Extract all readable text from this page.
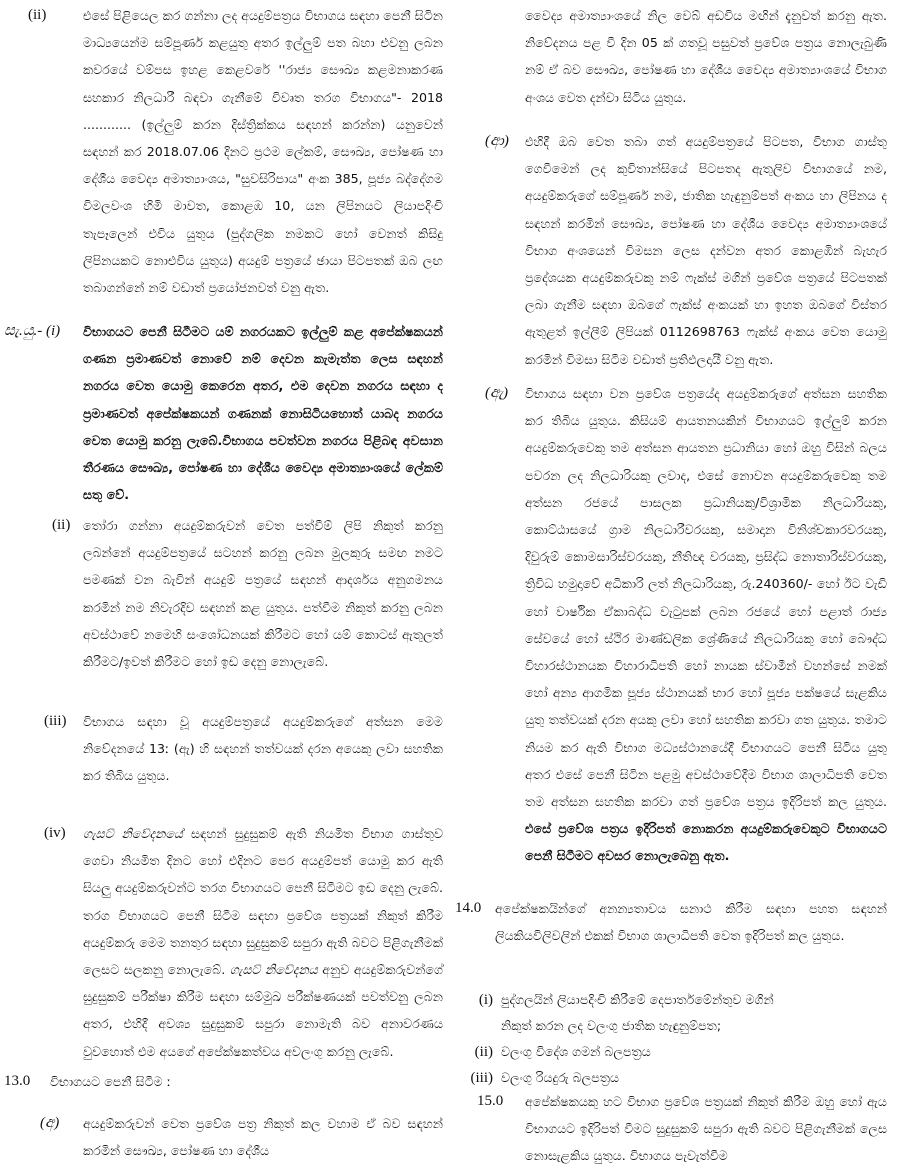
(ii)	එසේ පිළියෙල කර ගන්නා ලද අයදුම්පත්‍රය විභාගය සඳහා පෙනී සිටින මාධ්‍යයෙන්ම සම්පූර්ණ කළයුතු අතර ඉල්ලුම් පත බහා එවනු ලබන කවරයේ වම්පස ඉහළ කෙළවරේ ''රාජ්‍ය සෞඛ්‍ය කළමනාකරණ සහකාර නිලධාරී බඳවා ගැනීමේ විවෘත තරග විභාගය"- 2018 ............ (ඉල්ලුම් කරන දිස්ත්‍රික්කය සඳහන් කරන්න) යනුවෙන් සඳහන් කර 2018.07.06 දිනට ප්‍රථම ලේකම්, සෞඛ්‍ය, පෝෂණ හා දේශීය වෛද්‍ය අමාත්‍යාංශය, "සුවසිරිපාය" අංක 385, පූජ්‍ය බද්දේගම විමලවංශ හිමි මාවත, කොළඹ 10, යන ලිපිනයට ලියාපදිංචි තැපෑලෙන් එවිය යුතුය (පුද්ගලික නමකට හෝ වෙනත් කිසිදු ලිපිනයකට නොඑවිය යුතුය) අයදුම් පත්‍රයේ ඡායා පිටපතක් ඔබ ලඟ තබාගන්නේ නම් වඩාත් ප්‍රයෝජනවත් වනු ඇත.
සැ.යු.- (i) විභාගයට පෙනී සිටීමට යම් නගරයකට ඉල්ලුම් කළ අපේක්ෂකයන් ගණන ප්‍රමාණවත් නොවේ නම් දෙවන කැමැත්ත ලෙස සඳහන් නගරය වෙත යොමු කෙරෙන අතර, එම දෙවන නගරය සඳහා ද ප්‍රමාණවත් අපේක්ෂකයන් ගණනක් නොසිටියහොත් යාබද නගරය වෙත යොමු කරනු ලැබේ.විභාගය පවත්වන නගරය පිළිබඳ අවසාන තීරණය සෞඛ්‍ය, පෝෂණ හා දේශීය වෛද්‍ය අමාත්‍යාංශයේ ලේකම් සතු වේ.
(ii) තෝරා ගන්නා අයදුම්කරුවන් වෙත පත්වීම් ලිපි නිකුත් කරනු ලබන්නේ අයදුම්පත්‍රයේ සටහන් කරනු ලබන මුලකුරු සමඟ නමට පමණක් වන බැවින් අයදුම් පත්‍රයේ සඳහන් ආදර්ශය අනුගමනය කරමින් නම නිවැරදිව සඳහන් කළ යුතුය. පත්වීම නිකුත් කරනු ලබන අවස්ථාවේ නමෙහි සංශෝධනයක් කිරීමට හෝ යම් කොටස් ඇතුලත් කිරීමට/ඉවත් කිරීමට හෝ ඉඩ දෙනු නොලැබේ.
(iii) විභාගය සඳහා වූ අයදුම්පත්‍රයේ අයදුම්කරුගේ අත්සන මෙම නිවේදනයේ 13ː (ඇ) හි සඳහන් තත්වයක් දරන අයෙකු ලවා සහතික කර තිබිය යුතුය.
(iv) ගැසට් නිවේදනයේ සඳහන් සුදුසුකම් ඇති නියමිත විභාග ගාස්තුව ගෙවා නියමිත දිනට හෝ එදිනට පෙර අයදුම්පත් යොමු කර ඇති සියලු අයදුම්කරුවන්ට තරග විභාගයට පෙනී සිටීමට ඉඩ දෙනු ලැබේ. තරග විභාගයට පෙනී සිටීම සඳහා ප්‍රවේශ පත්‍රයක් නිකුත් කිරීම අයදුම්කරු මෙම තනතුර සඳහා සුදුසුකම් සපුරා ඇති බවට පිළිගැනීමක් ලෙසට සලකනු නොලැබේ. ගැසට් නිවේදනය අනුව අයදුම්කරුවන්ගේ සුදුසුකම් පරීක්ෂා කිරීම සඳහා සම්මුඛ පරීක්ෂණයක් පවත්වනු ලබන අතර, එහිදී අවශ්‍ය සුදුසුකම් සපුරා නොමැති බව අනාවරණය වුවහොත් එම අයගේ අපේක්ෂකත්වය අවලංගු කරනු ලැබේ.
13.0 විභාගයට පෙනී සිටීම ː
(අ) අයදුම්කරුවන් වෙත ප්‍රවේශ පත්‍ර නිකුත් කල වහාම ඒ බව සඳහන් කරමින් සෞඛ්‍ය, පෝෂණ හා දේශීය
වෛද්‍ය අමාත්‍යාංශයේ නිල වෙබ් අඩවිය මඟින් දැනුවත් කරනු ඇත. නිවේදනය පළ වී දින 05 ක් ගතවූ පසුවත් ප්‍රවේශ පත්‍රය නොලැබුණි නම් ඒ බව සෞඛ්‍ය, පෝෂණ හා දේශීය වෛද්‍ය අමාත්‍යාංශයේ විභාග අංශය වෙත දන්වා සිටිය යුතුය.
(ආ) එහිදී ඔබ වෙත තබා ගත් අයදුම්පත්‍රයේ පිටපත, විභාග ගාස්තු ගෙවීමෙන් ලද කුවිතාන්සියේ පිටපතද ඇතුලිව විභාගයේ නම, අයදුම්කරුගේ සම්පූර්ණ නම, ජාතික හැඳුනුම්පත් අංකය හා ලිපිනය ද සඳහන් කරමින් සෞඛ්‍ය, පෝෂණ හා දේශීය වෛද්‍ය අමාත්‍යාංශයේ විභාග අංශයෙන් විමසන ලෙස දන්වන අතර කොළඹින් බැහැර ප්‍රදේශයක අයදුම්කරුවකු නම් ෆැක්ස් මගින් ප්‍රවේශ පත්‍රයේ පිටපතක් ලබා ගැනීම සඳහා ඔබගේ ෆැක්ස් අංකයක් හා ඉහත ඔබගේ විස්තර ඇතුළත් ඉල්ලීම් ලිපියක් 0112698763 ෆැක්ස් අංකය වෙත යොමු කරමින් විමසා සිටීම වඩාත් ප්‍රතිඵලදායී වනු ඇත.
(ඇ) විභාගය සඳහා වන ප්‍රවේශ පත්‍රයේද අයදුම්කරුගේ අත්සන සහතික කර තිබිය යුතුය. කිසියම් ආයතනයකින් විභාගයට ඉල්ලුම් කරන අයදුම්කරුවෙකු තම අත්සන ආයතන ප්‍රධානියා හෝ ඔහු විසින් බලය පවරන ලද නිලධාරියකු ලවාද, එසේ නොවන අයදුම්කරුවෙකු තම අත්සන රජයේ පාසලක ප්‍රධානියකු/විශ්‍රාමික නිලධාරියකු, කොට්ඨාසයේ ග්‍රාම නිලධාරීවරයකු, සමාදාන විනිශ්චකාරවරයකු, දිවුරුම් කොමසාරිස්වරයකු, නීතිඥ වරයකු, ප්‍රසිද්ධ නොතාරිස්වරයකු, ත්‍රිවිධ හමුදාවේ අධිකාරි ලත් නිලධාරියකු, රු.240360/- හෝ ඊට වැඩි හෝ වාර්ෂික ඒකාබද්ධ වැටුපක් ලබන රජයේ හෝ පළාත් රාජ්‍ය සේවයේ හෝ ස්ථිර මාණ්ඩලික ශ්‍රේණියේ නිලධාරියකු හෝ බෞද්ධ විහාරස්ථානයක විහාරාධිපති හෝ නායක ස්වාමීන් වහන්සේ නමක් හෝ අන්‍ය ආගමික පූජ්‍ය ස්ථානයක් භාර හෝ පූජ්‍ය පක්ෂයේ සැළකිය යුතු තත්වයක් දරන අයකු ලවා හෝ සහතික කරවා ගත යුතුය. තමාට නියම කර ඇති විභාග මධ්‍යස්ථානයේදී විභාගයට පෙනී සිටිය යුතු අතර එසේ පෙනී සිටින පළමු අවස්ථාවේදීම විභාග ශාලාධිපති වෙත තම අත්සන සහතික කරවා ගත් ප්‍රවේශ පත්‍රය ඉදිරිපත් කල යුතුය. එසේ ප්‍රවේශ පත්‍රය ඉදිරිපත් නොකරන අයදුම්කරුවෙකුට විභාගයට පෙනී සිටීමට අවසර නොලැබෙනු ඇත.
14.0 අපේක්ෂකයින්ගේ අනන්‍යතාවය සනාථ කිරීම සඳහා පහත සඳහන් ලියකියවිලිවලින් එකක් විභාග ශාලාධිපති වෙත ඉදිරිපත් කල යුතුය.
(i) පුද්ගලයින් ලියාපදිංචි කිරීමේ දෙපාර්තමේන්තුව මගින්
නිකුත් කරන ලද වලංගු ජාතික හැඳුනුම්පත;
(ii) වලංගු විදේශ ගමන් බලපත්‍රය
(iii) වලංගු රියදුරු බලපත්‍රය
15.0 අපේක්ෂකයකු හට විභාග ප්‍රවේශ පත්‍රයක් නිකුත් කිරීම ඔහු හෝ ඇය විභාගයට ඉදිරිපත් වීමට සුදුසුකම් සපුරා ඇති බවට පිළිගැනීමක් ලෙස නොසැළකිය යුතුය. විභාගය පැවැත්වීම
